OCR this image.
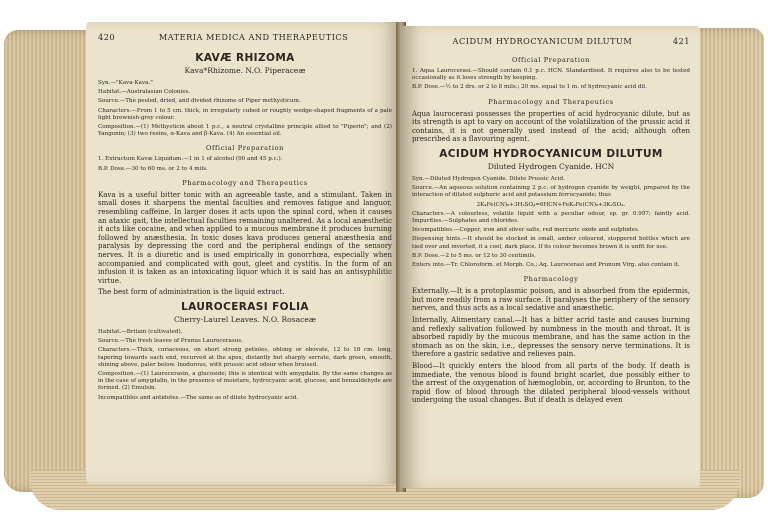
420	MATERIA MEDICA AND THERAPEUTICS
KAVÆ RHIZOMA
Kava*Rhizome. N.O. Piperaceæ

Syn.—"Kava-Kava."

Habitat.—Australasian Colonies.

Source.—The peeled, dried, and divided rhizome of Piper methysticum.

Characters.—From 1 to 5 cm. thick, in irregularly cubed or roughly wedge-shaped fragments of a pale light brownish-grey colour.

Composition.—(1) Methysticin about 1 p.c., a neutral crystalline principle allied to "Piperin"; and (2) Yangonin; (3) two resins, α-Kava and β-Kava. (4) An essential oil.

Official Preparation

1. Extractum Kavæ Liquidum.—1 in 1 of alcohol (90 and 45 p.c.).

B.P. Dose.—30 to 60 ms. or 2 to 4 mils.

Pharmacology and Therapeutics

Kava is a useful bitter tonic with an agreeable taste, and a stimulant. Taken in small doses it sharpens the mental faculties and removes fatigue and languor, resembling caffeine. In larger doses it acts upon the spinal cord, when it causes an ataxic gait, the intellectual faculties remaining unaltered. As a local anæsthetic it acts like cocaine, and when applied to a mucous membrane it produces burning followed by anæsthesia. In toxic doses kava produces general anæsthesia and paralysis by depressing the cord and the peripheral endings of the sensory nerves. It is a diuretic and is used empirically in gonorrhœa, especially when accompanied and complicated with gout, gleet and cystitis. In the form of an infusion it is taken as an intoxicating liquor which it is said has an antisyphilitic virtue.

The best form of administration is the liquid extract.

LAUROCERASI FOLIA
Cherry-Laurel Leaves. N.O. Rosaceæ

Habitat.—Britain (cultivated).

Source.—The fresh leaves of Prunus Laurocerasus.

Characters.—Thick, coriaceous, on short strong petioles, oblong or obovate, 12 to 18 cm. long, tapering towards each end, recurved at the apex, distantly but sharply serrate, dark green, smooth, shining above, paler below. Inodorous, with prussic acid odour when bruised.

Composition.—(1) Laurocerasin, a glucoside; this is identical with amygdalin. By the same changes as in the case of amygdalin, in the presence of moisture, hydrocyanic acid, glucose, and benzaldehyde are formed. (2) Emulsin.

Incompatibles and antidotes.—The same as of dilute hydrocyanic acid.

ACIDUM HYDROCYANICUM DILUTUM	421
Official Preparation

1. Aqua Laurocerasi.—Should contain 0.1 p.c. HCN. Standardised. It requires also to be tested occasionally as it loses strength by keeping.

B.P. Dose.—½ to 2 drs. or 2 to 8 mils.; 20 ms. equal to 1 m. of hydrocyanic acid dil.

Pharmacology and Therapeutics

Aqua laurocerasi possesses the properties of acid hydrocyanic dilute, but as its strength is apt to vary on account of the volatilization of the prussic acid it contains, it is not generally used instead of the acid; although often prescribed as a flavouring agent.

ACIDUM HYDROCYANICUM DILUTUM
Diluted Hydrogen Cyanide. HCN

Syn.—Diluted Hydrogen Cyanide. Dilute Prussic Acid.

Source.—An aqueous solution containing 2 p.c. of hydrogen cyanide by weight, prepared by the interaction of diluted sulphuric acid and potassium ferrocyanide; thus

2K₄Fe(CN)₆+3H₂SO₄=6HCN+FeK₂Fe(CN)₆+3K₂SO₄.

Characters.—A colourless, volatile liquid with a peculiar odour, sp. gr. 0.997; faintly acid. Impurities.—Sulphates and chlorides.

Incompatibles.—Copper, iron and silver salts, red mercuric oxide and sulphides.

Dispensing hints.—It should be stocked in small, amber coloured, stoppered bottles which are tied over and inverted, it a cool, dark place. If its colour becomes brown it is unfit for use.

B.P. Dose.—2 to 5 ms. or 12 to 30 centimils.

Enters into.—Tr. Chloroform. et Morph. Co.; Aq. Laurocerasi and Prunum Virg. also contain it.

Pharmacology

Externally.—It is a protoplasmic poison, and is absorbed from the epidermis, but more readily from a raw surface. It paralyses the periphery of the sensory nerves, and thus acts as a local sedative and anæsthetic.

Internally, Alimentary canal.—It has a bitter acrid taste and causes burning and reflexly salivation followed by numbness in the mouth and throat. It is absorbed rapidly by the mucous membrane, and has the same action in the stomach as on the skin, i.e., depresses the sensory nerve terminations. It is therefore a gastric sedative and relieves pain.

Blood—It quickly enters the blood from all parts of the body. If death is immediate, the venous blood is found bright scarlet, due possibly either to the arrest of the oxygenation of hæmoglobin, or, according to Brunton, to the rapid flow of blood through the dilated peripheral blood-vessels without undergoing the usual changes. But if death is delayed even
